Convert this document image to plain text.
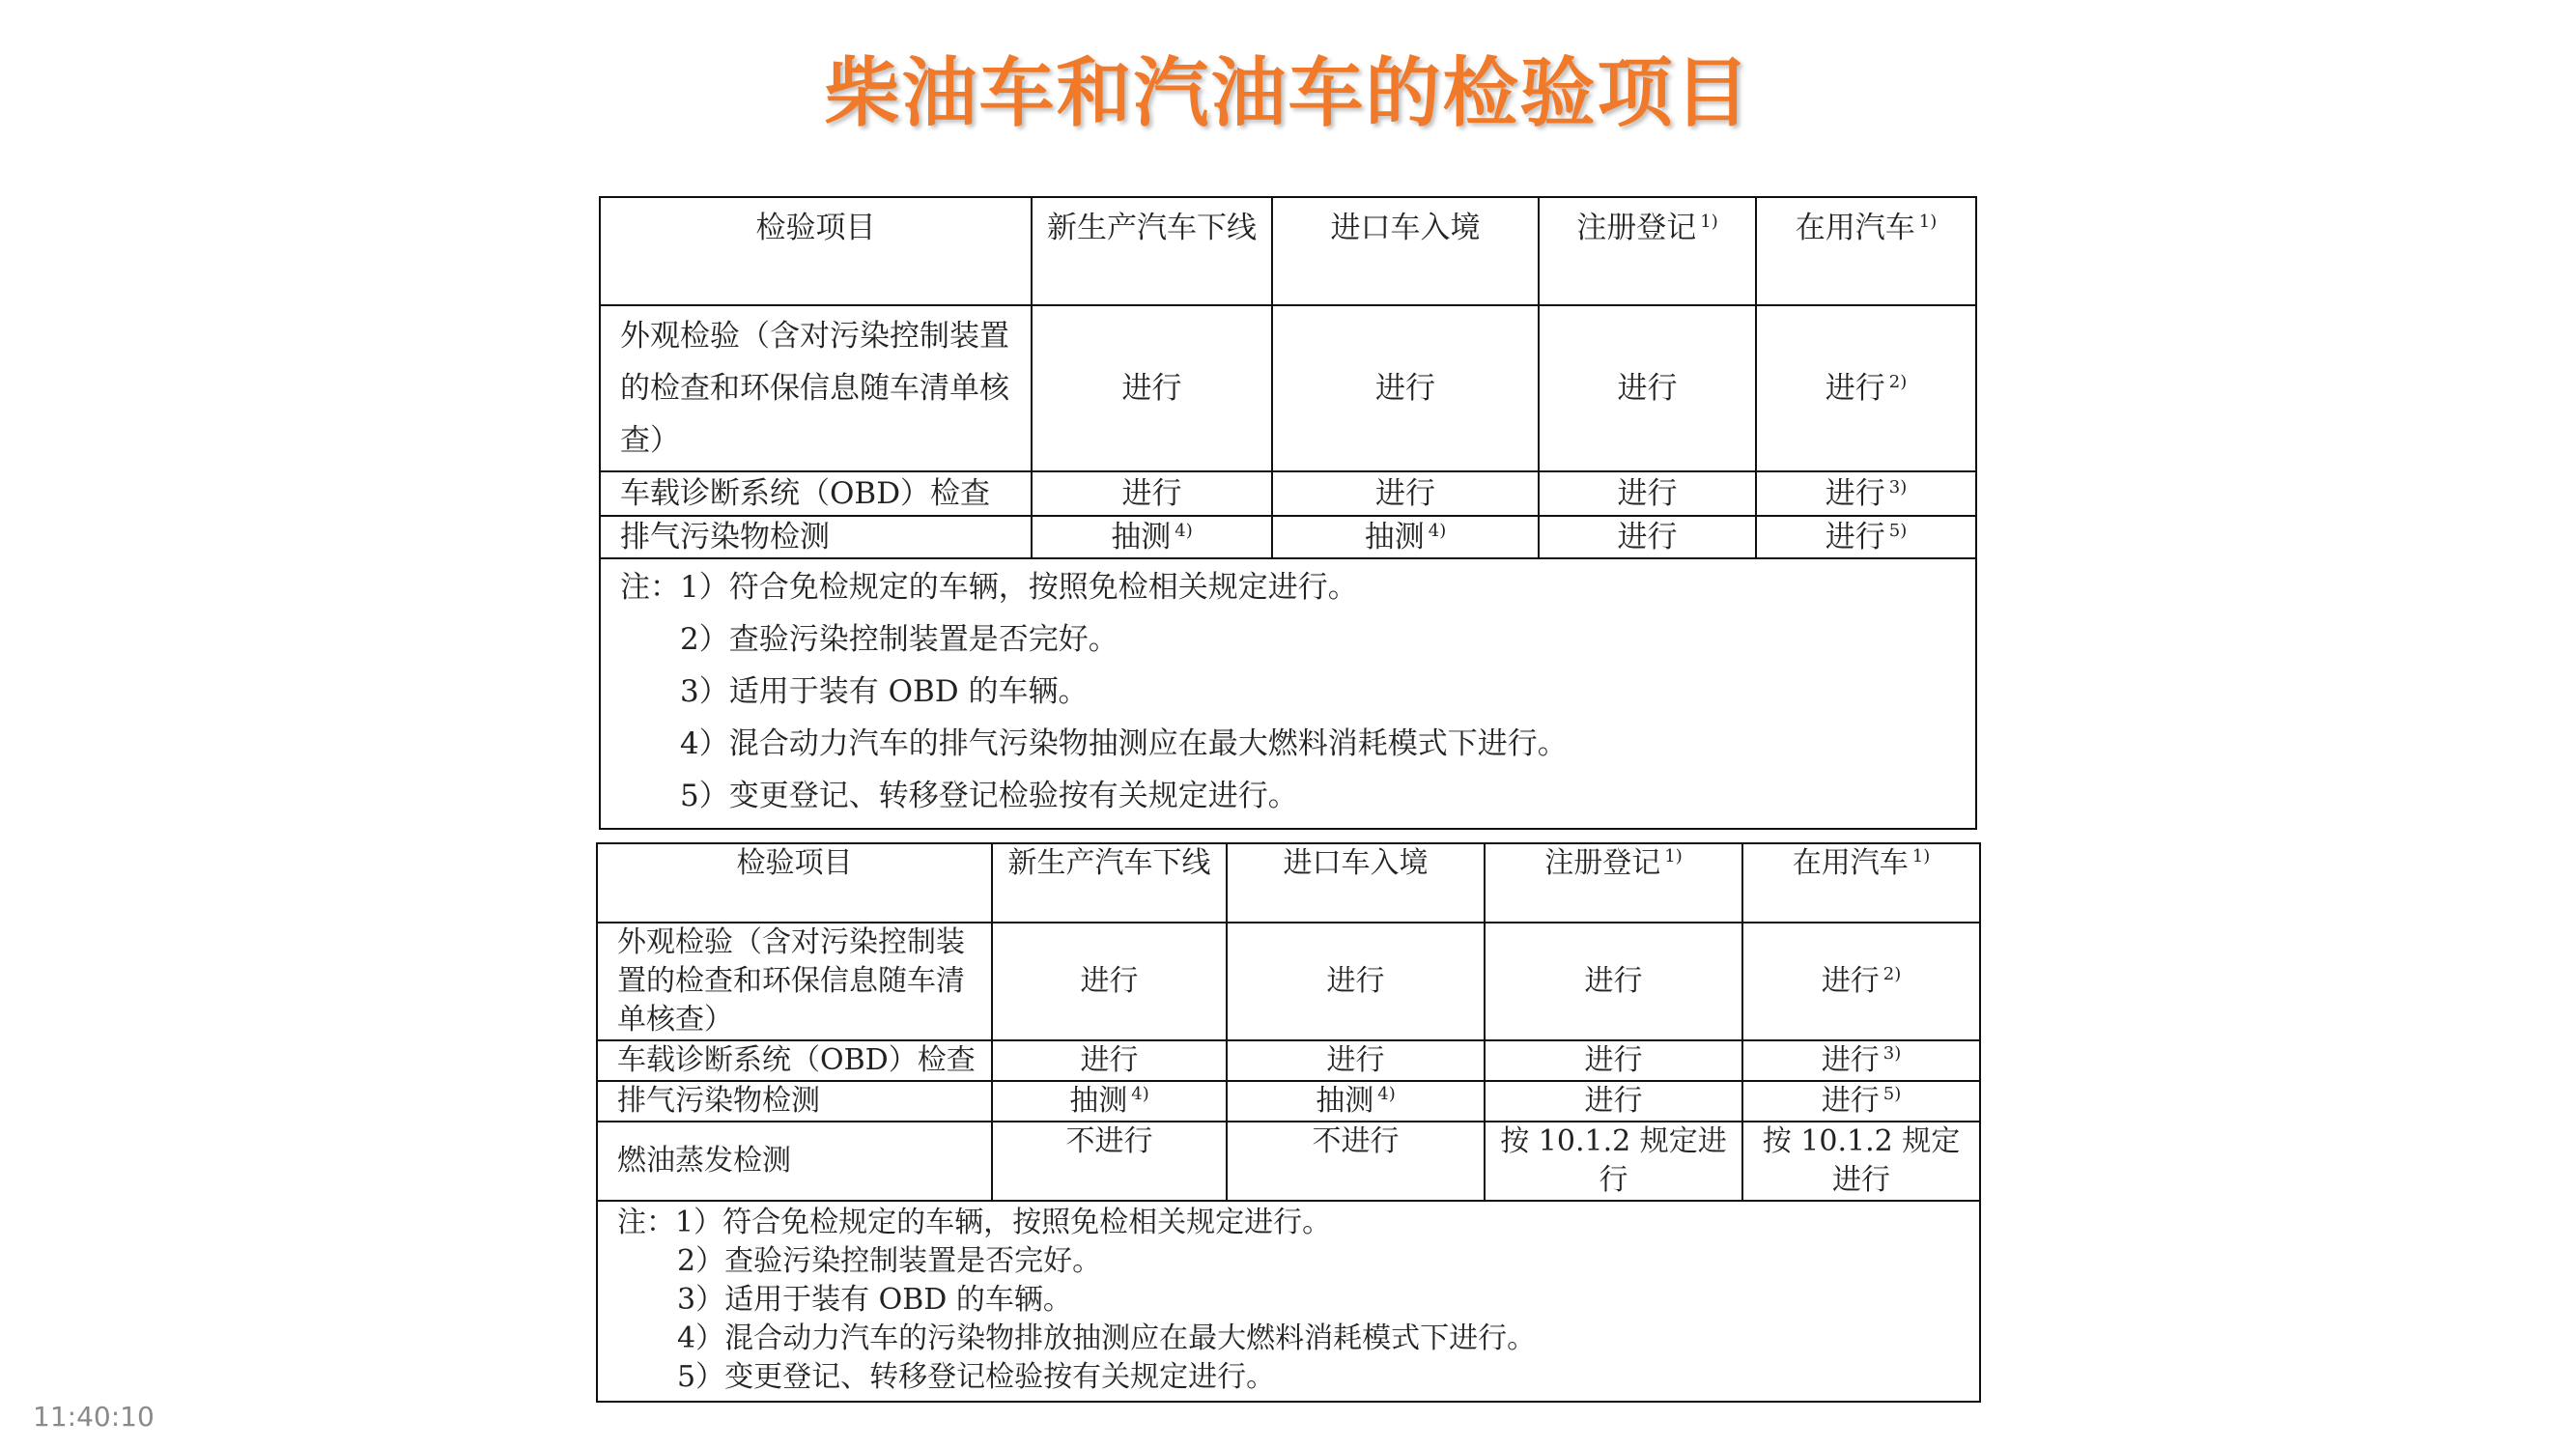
柴油车和汽油车的检验项目
检验项目	新生产汽车下线	进口车入境	注册登记 $^{1)}$	在用汽车 $^{1)}$
外观检验（含对污染控制装置的检查和环保信息随车清单核查）	进行	进行	进行	进行 $^{2)}$
车载诊断系统（OBD）检查	进行	进行	进行	进行 $^{3)}$
排气污染物检测	抽测 $^{4)}$	抽测 $^{4)}$	进行	进行 $^{5)}$

注：1）符合免检规定的车辆，按照免检相关规定进行。
2）查验污染控制装置是否完好。
3）适用于装有 OBD 的车辆。
4）混合动力汽车的排气污染物抽测应在最大燃料消耗模式下进行。
5）变更登记、转移登记检验按有关规定进行。				
检验项目	新生产汽车下线	进口车入境	注册登记 $^{1)}$	在用汽车 $^{1)}$
外观检验（含对污染控制装置的检查和环保信息随车清单核查）	进行	进行	进行	进行 $^{2)}$
车载诊断系统（OBD）检查	进行	进行	进行	进行 $^{3)}$
排气污染物检测	抽测 $^{4)}$	抽测 $^{4)}$	进行	进行 $^{5)}$
燃油蒸发检测	不进行	不进行	按 10.1.2 规定进行	按 10.1.2 规定进行

注：1）符合免检规定的车辆，按照免检相关规定进行。
2）查验污染控制装置是否完好。
3）适用于装有 OBD 的车辆。
4）混合动力汽车的污染物排放抽测应在最大燃料消耗模式下进行。
5）变更登记、转移登记检验按有关规定进行。				
11:40:10
